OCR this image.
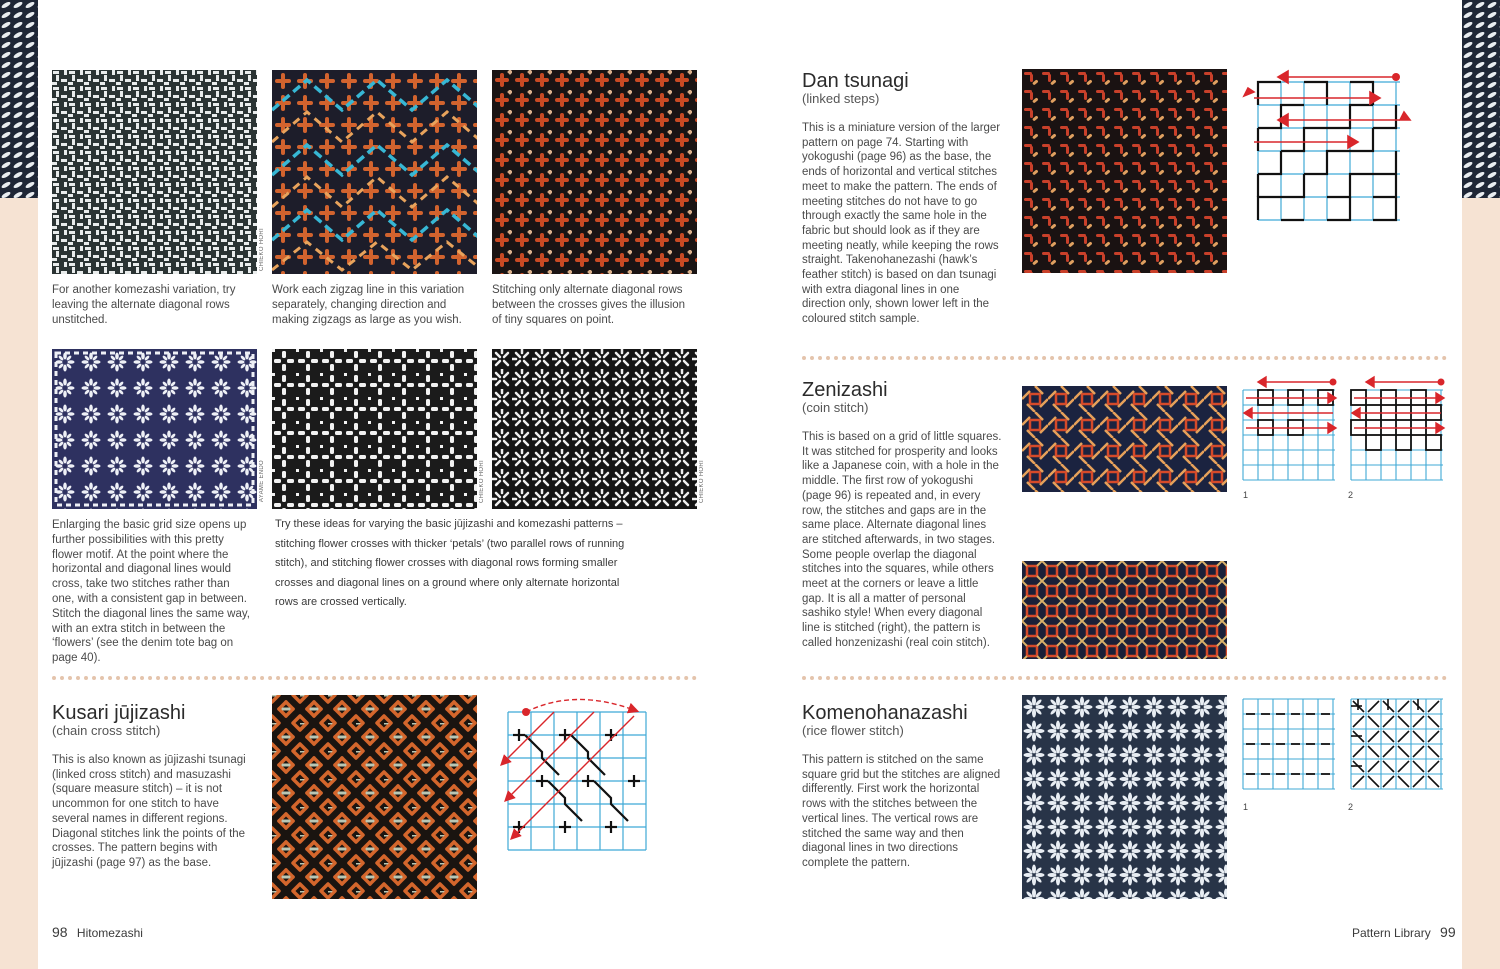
CHIEKO HORI

For another komezashi variation, try leaving the alternate diagonal rows unstitched.

Work each zigzag line in this variation separately, changing direction and making zigzags as large as you wish.

Stitching only alternate diagonal rows between the crosses gives the illusion of tiny squares on point.

AYAME ENDO	CHIEKO HORI	CHIEKO HORI

Enlarging the basic grid size opens up further possibilities with this pretty flower motif. At the point where the horizontal and diagonal lines would cross, take two stitches rather than one, with a consistent gap in between. Stitch the diagonal lines the same way, with an extra stitch in between the ‘flowers’ (see the denim tote bag on page 40).

Try these ideas for varying the basic jūjizashi and komezashi patterns – stitching flower crosses with thicker ‘petals’ (two parallel rows of running stitch), and stitching flower crosses with diagonal rows forming smaller crosses and diagonal lines on a ground where only alternate horizontal rows are crossed vertically.

Kusari jūjizashi
(chain cross stitch)

This is also known as jūjizashi tsunagi (linked cross stitch) and masuzashi (square measure stitch) – it is not uncommon for one stitch to have several names in different regions. Diagonal stitches link the points of the crosses. The pattern begins with jūjizashi (page 97) as the base.

98 Hitomezashi
Dan tsunagi
(linked steps)

This is a miniature version of the larger pattern on page 74. Starting with yokogushi (page 96) as the base, the ends of horizontal and vertical stitches meet to make the pattern. The ends of meeting stitches do not have to go through exactly the same hole in the fabric but should look as if they are meeting neatly, while keeping the rows straight. Takenohanezashi (hawk’s feather stitch) is based on dan tsunagi with extra diagonal lines in one direction only, shown lower left in the coloured stitch sample.

Zenizashi
(coin stitch)

This is based on a grid of little squares. It was stitched for prosperity and looks like a Japanese coin, with a hole in the middle. The first row of yokogushi (page 96) is repeated and, in every row, the stitches and gaps are in the same place. Alternate diagonal lines are stitched afterwards, in two stages. Some people overlap the diagonal stitches into the squares, while others meet at the corners or leave a little gap. It is all a matter of personal sashiko style! When every diagonal line is stitched (right), the pattern is called honzenizashi (real coin stitch).

1	2
Komenohanazashi
(rice flower stitch)

This pattern is stitched on the same square grid but the stitches are aligned differently. First work the horizontal rows with the stitches between the vertical lines. The vertical rows are stitched the same way and then diagonal lines in two directions complete the pattern.

1	2
Pattern Library 99
